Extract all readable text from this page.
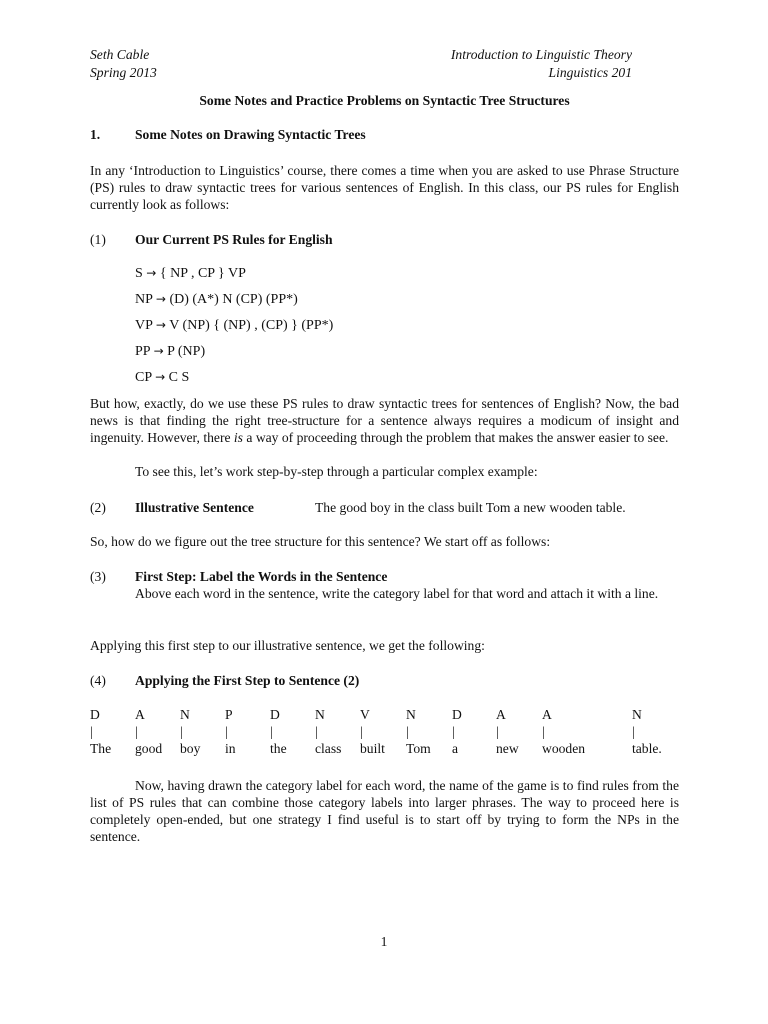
Seth Cable
Spring 2013
Introduction to Linguistic Theory
Linguistics 201
Some Notes and Practice Problems on Syntactic Tree Structures
1.	Some Notes on Drawing Syntactic Trees
In any ‘Introduction to Linguistics’ course, there comes a time when you are asked to use Phrase Structure (PS) rules to draw syntactic trees for various sentences of English. In this class, our PS rules for English currently look as follows:
(1) Our Current PS Rules for English
S → { NP , CP } VP
NP → (D) (A*) N (CP) (PP*)
VP → V (NP) { (NP) , (CP) } (PP*)
PP → P (NP)
CP → C S
But how, exactly, do we use these PS rules to draw syntactic trees for sentences of English? Now, the bad news is that finding the right tree-structure for a sentence always requires a modicum of insight and ingenuity. However, there is a way of proceeding through the problem that makes the answer easier to see.
To see this, let’s work step-by-step through a particular complex example:
(2) Illustrative Sentence	The good boy in the class built Tom a new wooden table.
So, how do we figure out the tree structure for this sentence? We start off as follows:
(3) First Step: Label the Words in the Sentence
Above each word in the sentence, write the category label for that word and attach it with a line.
Applying this first step to our illustrative sentence, we get the following:
(4) Applying the First Step to Sentence (2)
D
|
The
A
|
good
N
|
boy
P
|
in
D
|
the
N
|
class
V
|
built
N
|
Tom
D
|
a
A
|
new
A
|
wooden
N
|
table.
Now, having drawn the category label for each word, the name of the game is to find rules from the list of PS rules that can combine those category labels into larger phrases. The way to proceed here is completely open-ended, but one strategy I find useful is to start off by trying to form the NPs in the sentence.
1
